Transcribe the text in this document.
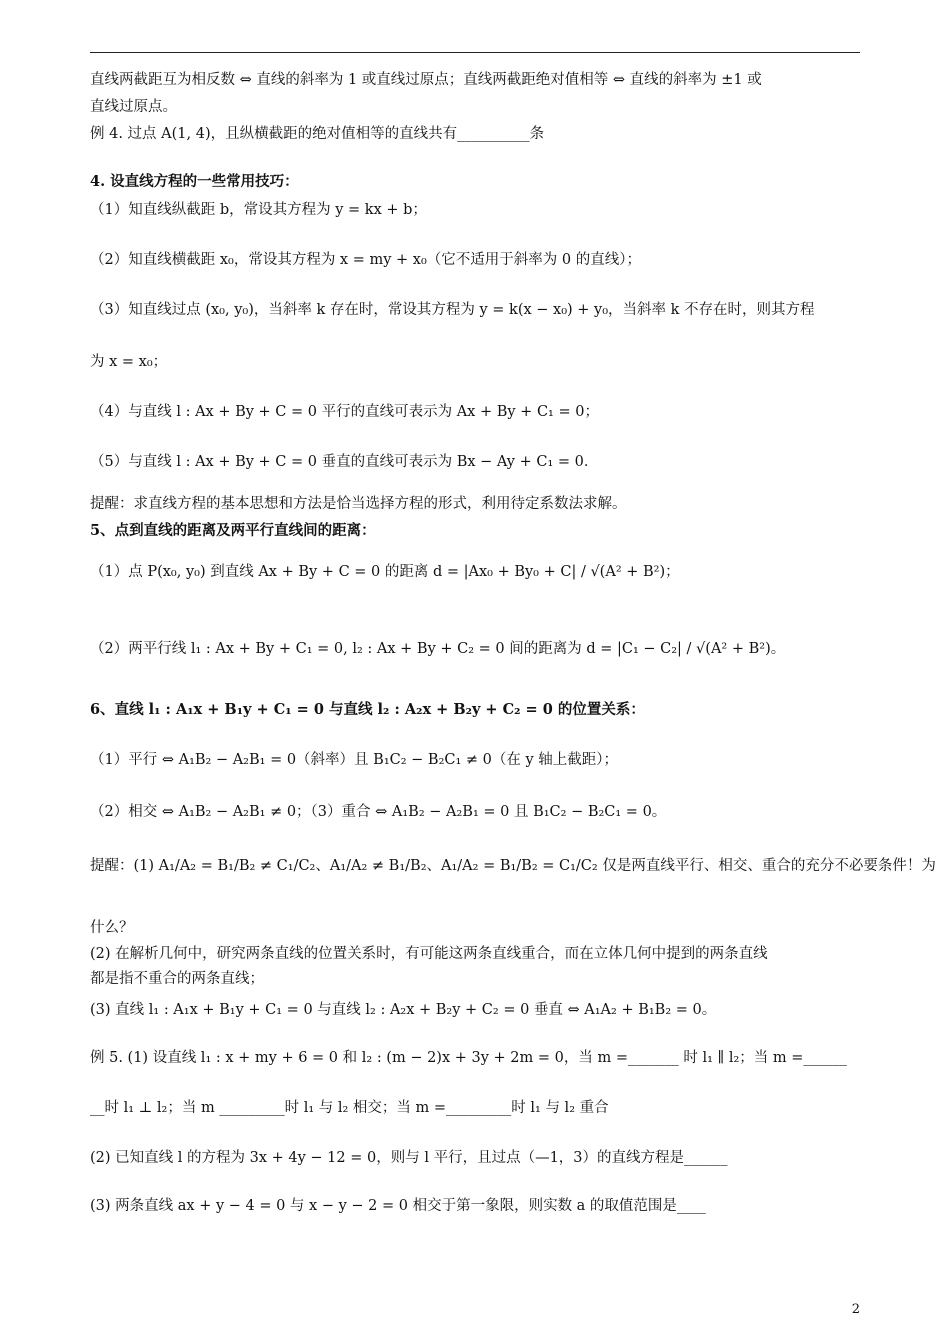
直线两截距互为相反数 ⇔ 直线的斜率为 1 或直线过原点；直线两截距绝对值相等 ⇔ 直线的斜率为 ±1 或
直线过原点。
例 4. 过点 A(1, 4)，且纵横截距的绝对值相等的直线共有__________条
4. 设直线方程的一些常用技巧：
（1）知直线纵截距 b，常设其方程为 y = kx + b；
（2）知直线横截距 x₀，常设其方程为 x = my + x₀（它不适用于斜率为 0 的直线）；
（3）知直线过点 (x₀, y₀)，当斜率 k 存在时，常设其方程为 y = k(x − x₀) + y₀，当斜率 k 不存在时，则其方程
为 x = x₀；
（4）与直线 l : Ax + By + C = 0 平行的直线可表示为 Ax + By + C₁ = 0；
（5）与直线 l : Ax + By + C = 0 垂直的直线可表示为 Bx − Ay + C₁ = 0．
提醒：求直线方程的基本思想和方法是恰当选择方程的形式，利用待定系数法求解。
5、点到直线的距离及两平行直线间的距离：
（1）点 P(x₀, y₀) 到直线 Ax + By + C = 0 的距离 d = |Ax₀ + By₀ + C| / √(A² + B²)；
（2）两平行线 l₁ : Ax + By + C₁ = 0, l₂ : Ax + By + C₂ = 0 间的距离为 d = |C₁ − C₂| / √(A² + B²)。
6、直线 l₁ : A₁x + B₁y + C₁ = 0 与直线 l₂ : A₂x + B₂y + C₂ = 0 的位置关系：
（1）平行 ⇔ A₁B₂ − A₂B₁ = 0（斜率）且 B₁C₂ − B₂C₁ ≠ 0（在 y 轴上截距）；
（2）相交 ⇔ A₁B₂ − A₂B₁ ≠ 0；（3）重合 ⇔ A₁B₂ − A₂B₁ = 0 且 B₁C₂ − B₂C₁ = 0。
提醒：(1) A₁/A₂ = B₁/B₂ ≠ C₁/C₂、A₁/A₂ ≠ B₁/B₂、A₁/A₂ = B₁/B₂ = C₁/C₂ 仅是两直线平行、相交、重合的充分不必要条件！为
什么？
(2) 在解析几何中，研究两条直线的位置关系时，有可能这两条直线重合，而在立体几何中提到的两条直线
都是指不重合的两条直线；
(3) 直线 l₁ : A₁x + B₁y + C₁ = 0 与直线 l₂ : A₂x + B₂y + C₂ = 0 垂直 ⇔ A₁A₂ + B₁B₂ = 0。
例 5. (1) 设直线 l₁ : x + my + 6 = 0 和 l₂ : (m − 2)x + 3y + 2m = 0，当 m =_______ 时 l₁ ∥ l₂；当 m =______
__时 l₁ ⊥ l₂；当 m _________时 l₁ 与 l₂ 相交；当 m =_________时 l₁ 与 l₂ 重合
(2) 已知直线 l 的方程为 3x + 4y − 12 = 0，则与 l 平行，且过点（—1，3）的直线方程是______
(3) 两条直线 ax + y − 4 = 0 与 x − y − 2 = 0 相交于第一象限，则实数 a 的取值范围是____
2
